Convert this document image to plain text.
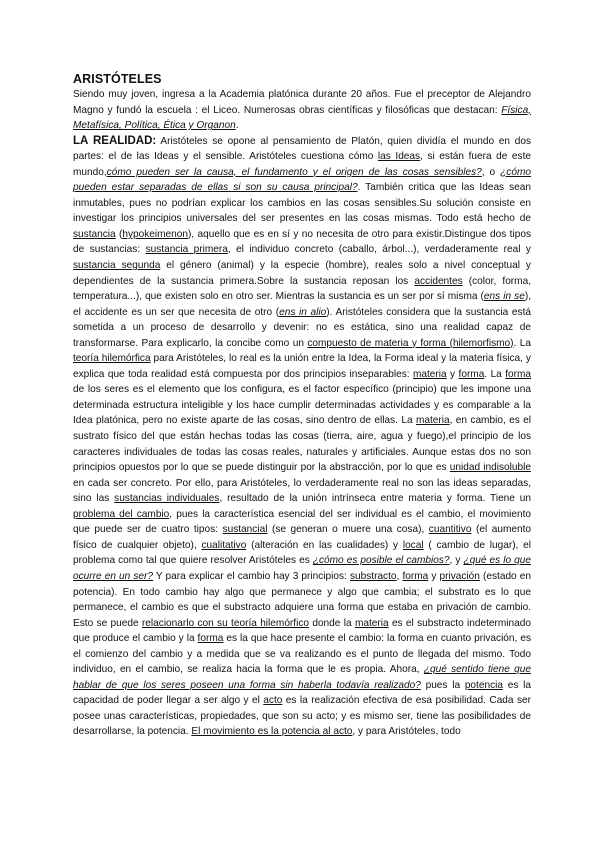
ARISTÓTELES

Siendo muy joven, ingresa a la Academia platónica durante 20 años. Fue el preceptor de Alejandro Magno y fundó la escuela : el Liceo. Numerosas obras científicas y filosóficas que destacan: Física, Metafísica, Política, Ética y Organon.

LA REALIDAD: Aristóteles se opone al pensamiento de Platón, quien dividía el mundo en dos partes: el de las Ideas y el sensible. Aristóteles cuestiona cómo las Ideas, si están fuera de este mundo,cómo pueden ser la causa, el fundamento y el origen de las cosas sensibles?, o ¿cómo pueden estar separadas de ellas si son su causa principal?. También critica que las Ideas sean inmutables, pues no podrían explicar los cambios en las cosas sensibles.Su solución consiste en investigar los principios universales del ser presentes en las cosas mismas. Todo está hecho de sustancia (hypokeimenon), aquello que es en sí y no necesita de otro para existir.Distingue dos tipos de sustancias: sustancia primera, el individuo concreto (caballo, árbol...), verdaderamente real y sustancia segunda el género (animal) y la especie (hombre), reales solo a nivel conceptual y dependientes de la sustancia primera.Sobre la sustancia reposan los accidentes (color, forma, temperatura...), que existen solo en otro ser. Mientras la sustancia es un ser por sí misma (ens in se), el accidente es un ser que necesita de otro (ens in alio). Aristóteles considera que la sustancia está sometida a un proceso de desarrollo y devenir: no es estática, sino una realidad capaz de transformarse. Para explicarlo, la concibe como un compuesto de materia y forma (hilemorfismo). La teoría hilemórfica para Aristóteles, lo real es la unión entre la Idea, la Forma ideal y la materia física, y explica que toda realidad está compuesta por dos principios inseparables: materia y forma. La forma de los seres es el elemento que los configura, es el factor específico (principio) que les impone una determinada estructura inteligible y los hace cumplir determinadas actividades y es comparable a la Idea platónica, pero no existe aparte de las cosas, sino dentro de ellas. La materia, en cambio, es el sustrato físico del que están hechas todas las cosas (tierra, aire, agua y fuego),el principio de los caracteres individuales de todas las cosas reales, naturales y artificiales. Aunque estas dos no son principios opuestos por lo que se puede distinguir por la abstracción, por lo que es unidad indisoluble en cada ser concreto. Por ello, para Aristóteles, lo verdaderamente real no son las ideas separadas, sino las sustancias individuales, resultado de la unión intrínseca entre materia y forma. Tiene un problema del cambio, pues la característica esencial del ser individual es el cambio, el movimiento que puede ser de cuatro tipos: sustancial (se generan o muere una cosa), cuantitivo (el aumento físico de cualquier objeto), cualitativo (alteración en las cualidades) y local ( cambio de lugar), el problema como tal que quiere resolver Aristóteles es ¿cómo es posible el cambios?, y ¿qué es lo que ocurre en un ser? Y para explicar el cambio hay 3 principios: substracto, forma y privación (estado en potencia). En todo cambio hay algo que permanece y algo que cambia; el substrato es lo que permanece, el cambio es que el substracto adquiere una forma que estaba en privación de cambio. Esto se puede relacionarlo con su teoría hilemórfico donde la materia es el substracto indeterminado que produce el cambio y la forma es la que hace presente el cambio: la forma en cuanto privación, es el comienzo del cambio y a medida que se va realizando es el punto de llegada del mismo. Todo individuo, en el cambio, se realiza hacia la forma que le es propia. Ahora, ¿qué sentido tiene que hablar de que los seres poseen una forma sin haberla todavía realizado? pues la potencia es la capacidad de poder llegar a ser algo y el acto es la realización efectiva de esa posibilidad. Cada ser posee unas características, propiedades, que son su acto; y es mismo ser, tiene las posibilidades de desarrollarse, la potencia. El movimiento es la potencia al acto, y para Aristóteles, todo
